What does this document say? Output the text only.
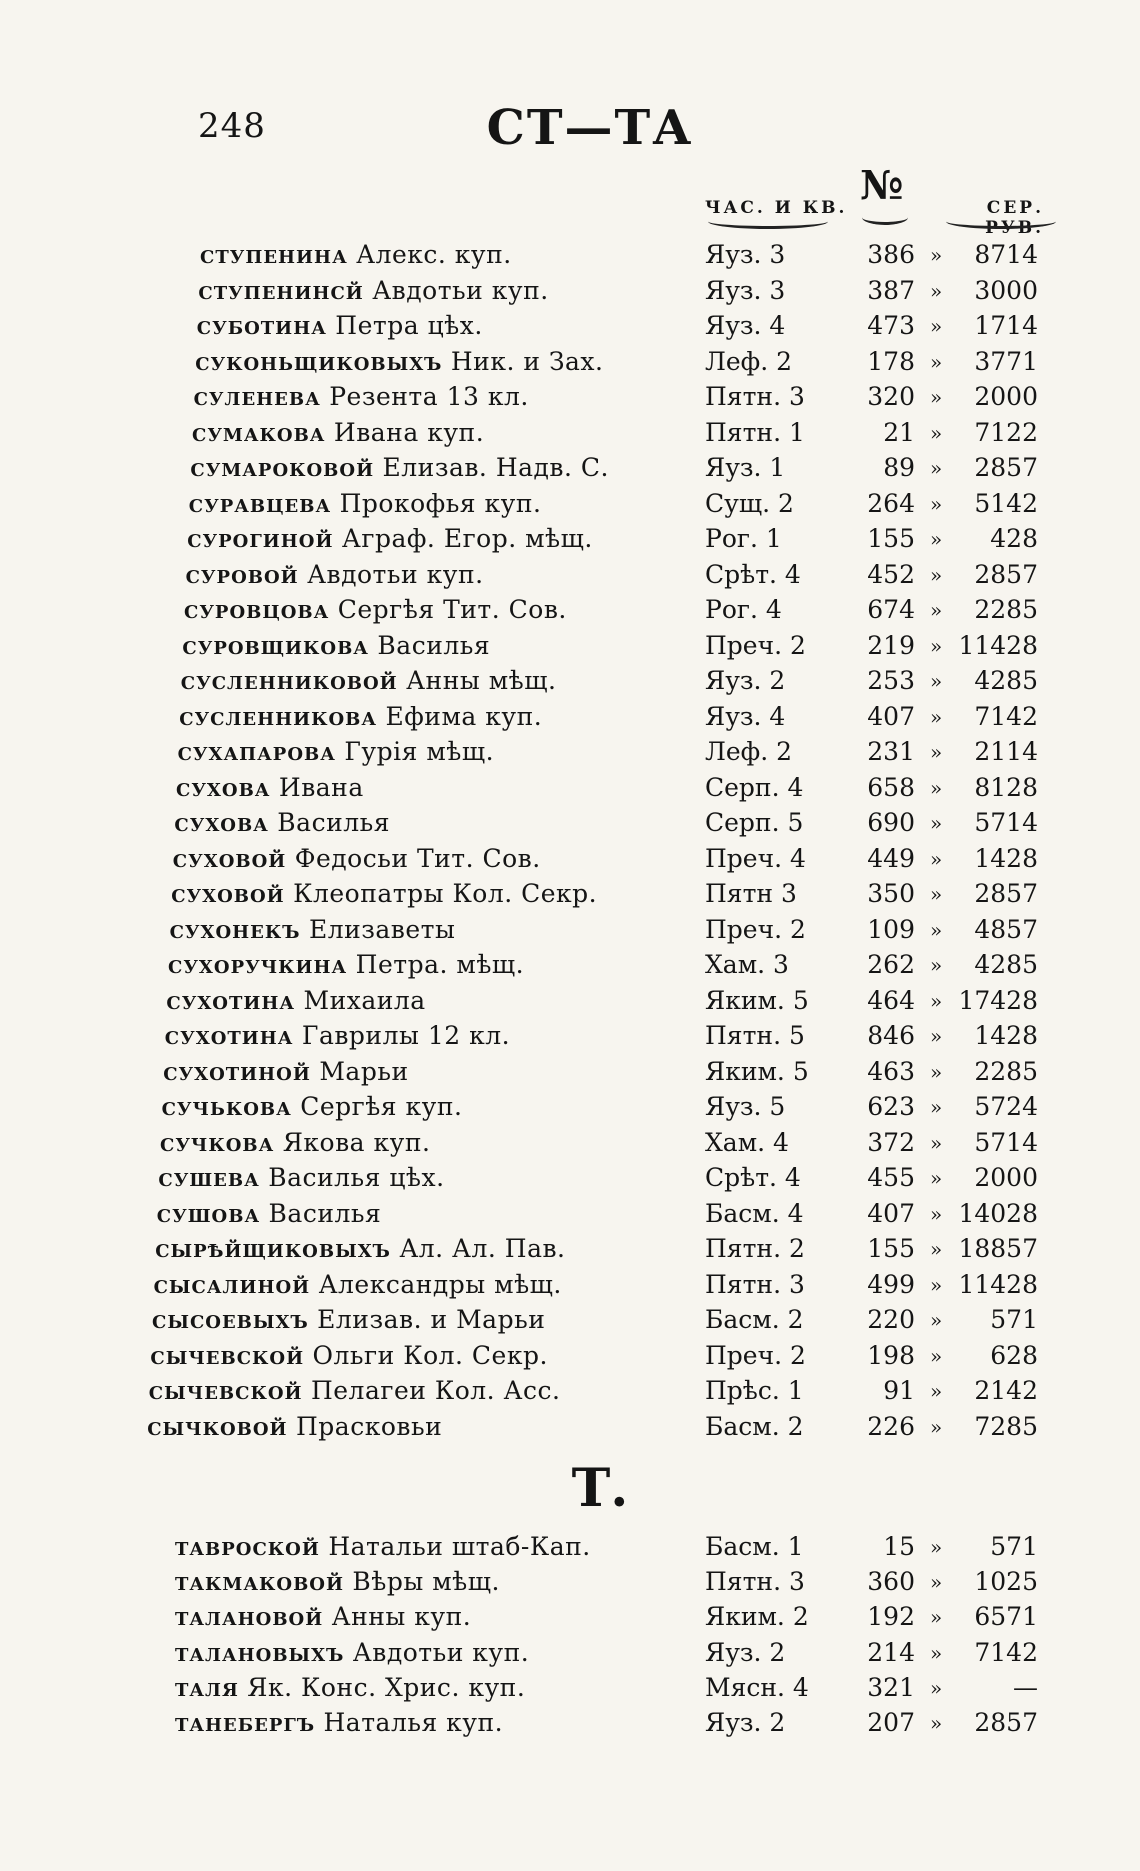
248	СТ—ТА
ЧАС. И КВ. №	СЕР. РУВ.
ступенина Алекс. куп.	Яуз. 3	386 »	8714
ступенинсй Авдотьи куп.	Яуз. 3	387 »	3000
суботина Петра цѣх.	Яуз. 4	473 »	1714
суконьщиковыхъ Ник. и Зах.	Леф. 2	178 »	3771
суленева Резента 13 кл.	Пятн. 3	320 »	2000
сумакова Ивана куп.	Пятн. 1	21 »	7122
сумароковой Елизав. Надв. С.	Яуз. 1	89 »	2857
суравцева Прокофья куп.	Сущ. 2	264 »	5142
сурогиной Аграф. Егор. мѣщ.	Рог. 1	155 »	428
суровой Авдотьи куп.	Срѣт. 4	452 »	2857
суровцова Сергѣя Тит. Сов.	Рог. 4	674 »	2285
суровщикова Василья	Преч. 2	219 » 11428
сусленниковой Анны мѣщ.	Яуз. 2	253 »	4285
сусленникова Ефима куп.	Яуз. 4	407 »	7142
сухапарова Гурія мѣщ.	Леф. 2	231 »	2114
сухова Ивана	Серп. 4	658 »	8128
сухова Василья	Серп. 5	690 »	5714
суховой Федосьи Тит. Сов.	Преч. 4	449 »	1428
суховой Клеопатры Кол. Секр.	Пятн 3	350 »	2857
сухонекъ Елизаветы	Преч. 2	109 »	4857
сухоручкина Петра. мѣщ.	Хам. 3	262 »	4285
сухотина Михаила	Яким. 5	464 » 17428
сухотина Гаврилы 12 кл.	Пятн. 5	846 »	1428
сухотиной Марьи	Яким. 5	463 »	2285
сучькова Сергѣя куп.	Яуз. 5	623 »	5724
сучкова Якова куп.	Хам. 4	372 »	5714
сушева Василья цѣх.	Срѣт. 4	455 »	2000
сушова Василья	Басм. 4	407 » 14028
сырѣйщиковыхъ Ал. Ал. Пав.	Пятн. 2	155 » 18857
сысалиной Александры мѣщ.	Пятн. 3	499 » 11428
сысоевыхъ Елизав. и Марьи	Басм. 2	220 »	571
сычевской Ольги Кол. Секр.	Преч. 2	198 »	628
сычевской Пелагеи Кол. Асс.	Прѣс. 1	91 »	2142
сычковой Прасковьи	Басм. 2	226 »	7285
Т.
тавроской Натальи штаб-Кап.	Басм. 1	15 »	571
такмаковой Вѣры мѣщ.	Пятн. 3	360 »	1025
талановой Анны куп.	Яким. 2	192 »	6571
талановыхъ Авдотьи куп.	Яуз. 2	214 »	7142
таля Як. Конс. Хрис. куп.	Мясн. 4	321 »	—
танебергъ Наталья куп.	Яуз. 2	207 »	2857
